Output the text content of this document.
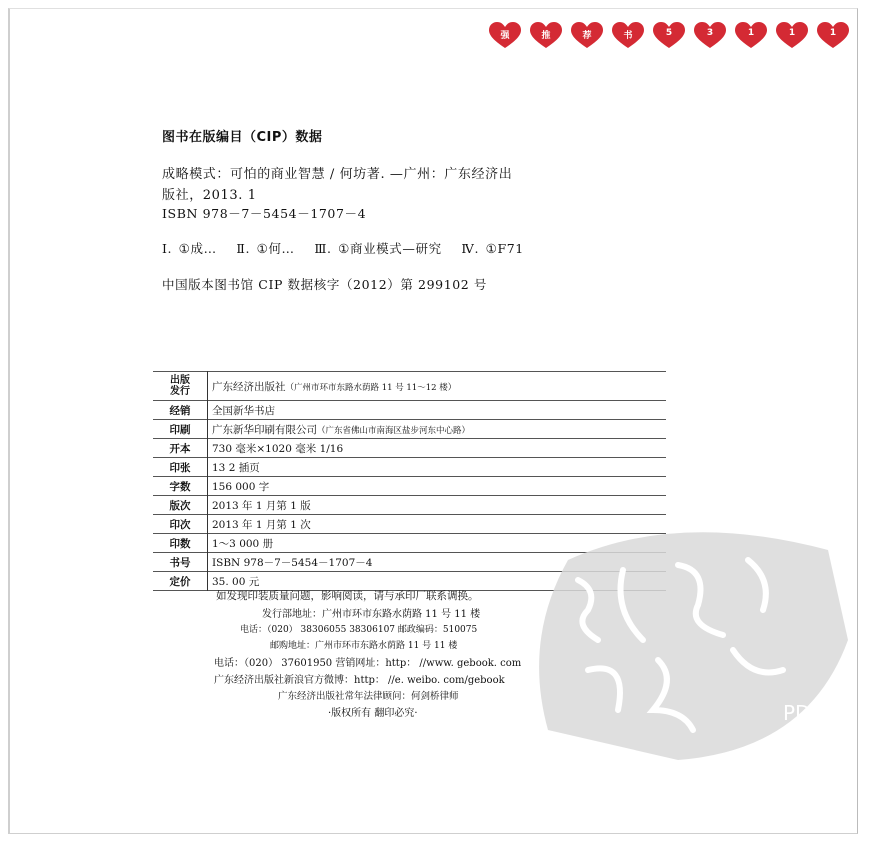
强	推	荐	书	5	3	1	1	1
图书在版编目（CIP）数据
成略模式：可怕的商业智慧 / 何坊著. —广州：广东经济出
版社，2013. 1
ISBN 978－7－5454－1707－4
Ⅰ. ①成…   Ⅱ. ①何…   Ⅲ. ①商业模式—研究   Ⅳ. ①F71
中国版本图书馆 CIP 数据核字（2012）第 299102 号
出版
发行	广东经济出版社（广州市环市东路水荫路 11 号 11～12 楼）
经销	全国新华书店
印刷	广东新华印刷有限公司（广东省佛山市南海区盐步河东中心路）
开本	730 毫米×1020 毫米 1/16
印张	13 2 插页
字数	156 000 字
版次	2013 年 1 月第 1 版
印次	2013 年 1 月第 1 次
印数	1～3 000 册
书号	ISBN 978－7－5454－1707－4
定价	35. 00 元
如发现印装质量问题，影响阅读，请与承印厂联系调换。
发行部地址：广州市环市东路水荫路 11 号 11 楼
电话：（020） 38306055 38306107 邮政编码：510075
邮购地址：广州市环市东路水荫路 11 号 11 楼
电话：（020） 37601950 营销网址：http： //www. gebook. com
广东经济出版社新浪官方微博：http： //e. weibo. com/gebook
广东经济出版社常年法律顾问：何剑桥律师
·版权所有 翻印必究·	PDG
